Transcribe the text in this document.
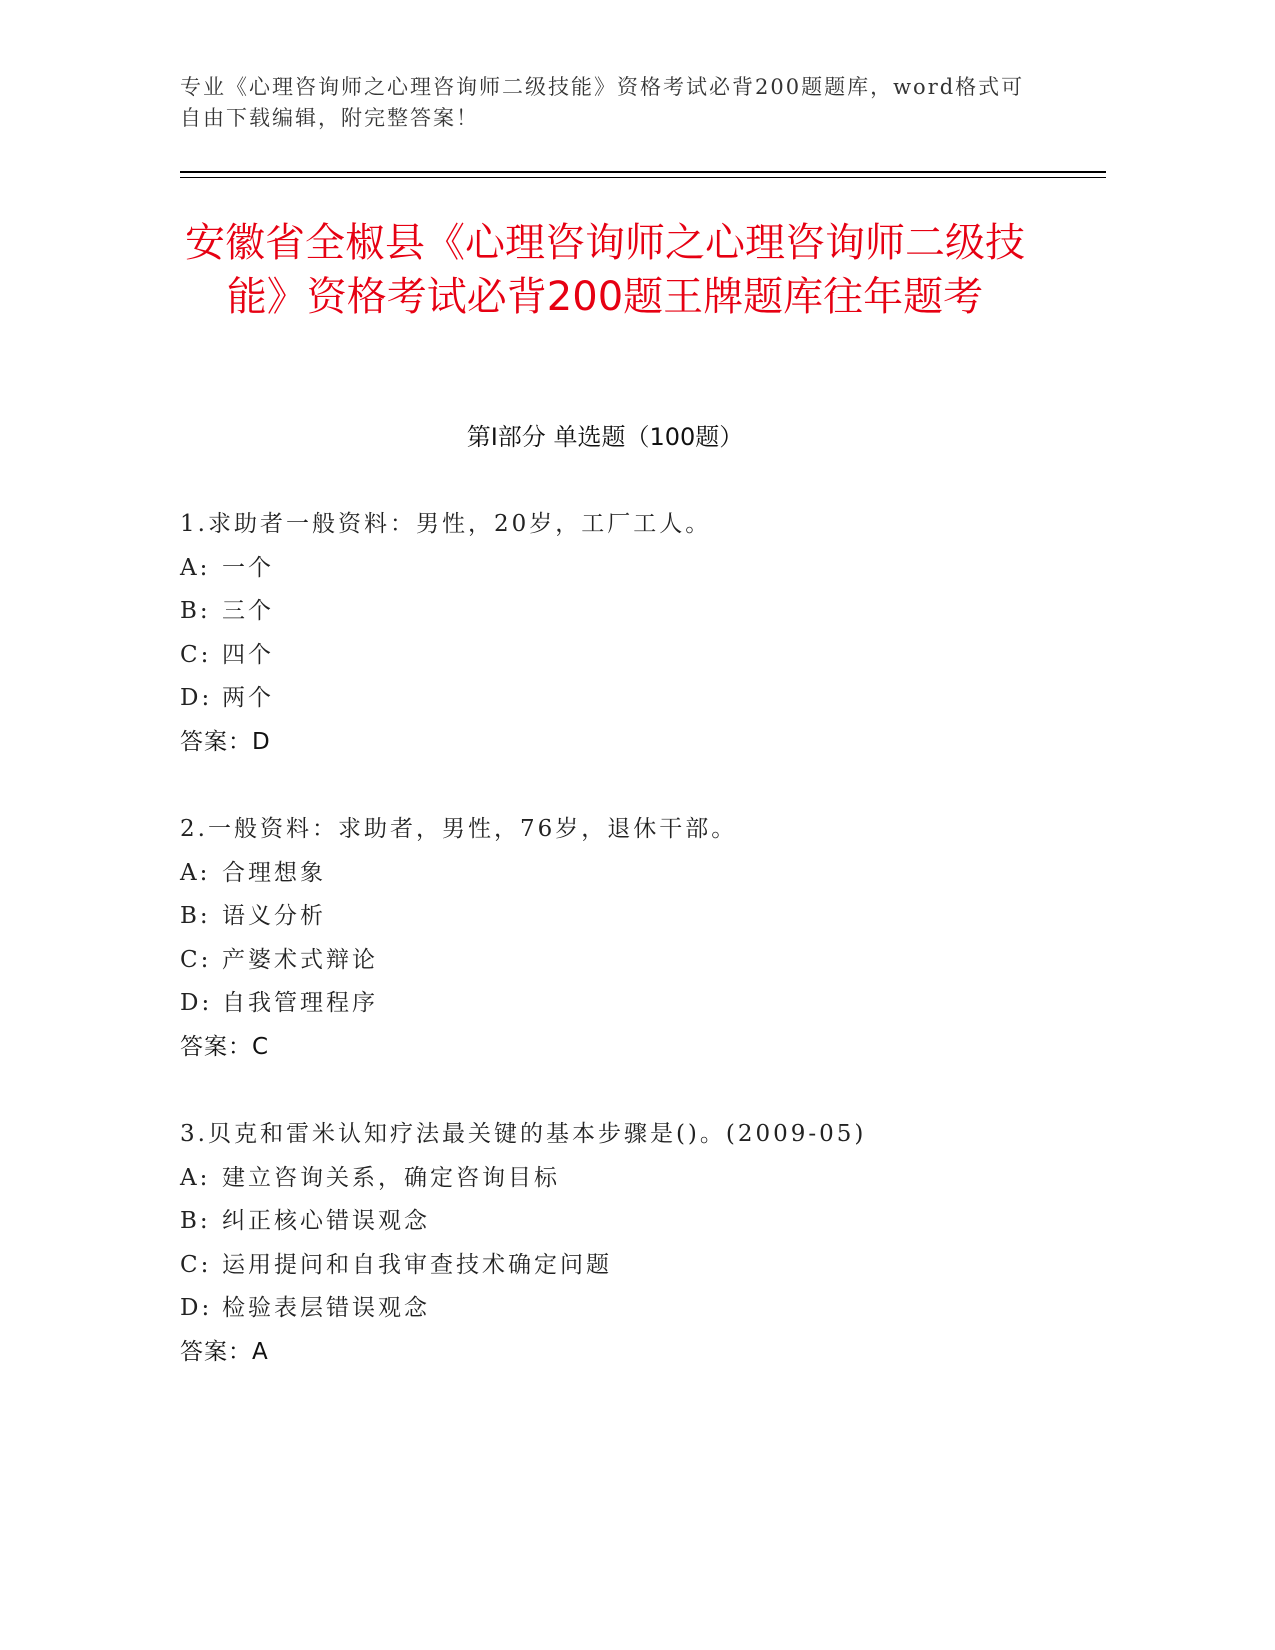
专业《心理咨询师之心理咨询师二级技能》资格考试必背200题题库，word格式可自由下载编辑，附完整答案！
安徽省全椒县《心理咨询师之心理咨询师二级技能》资格考试必背200题王牌题库往年题考
第Ⅰ部分 单选题（100题）
1.求助者一般资料：男性，20岁，工厂工人。
A: 一个
B: 三个
C: 四个
D: 两个
答案：D
2.一般资料：求助者，男性，76岁，退休干部。
A: 合理想象
B: 语义分析
C: 产婆术式辩论
D: 自我管理程序
答案：C
3.贝克和雷米认知疗法最关键的基本步骤是()。(2009-05)
A: 建立咨询关系，确定咨询目标
B: 纠正核心错误观念
C: 运用提问和自我审查技术确定问题
D: 检验表层错误观念
答案：A
